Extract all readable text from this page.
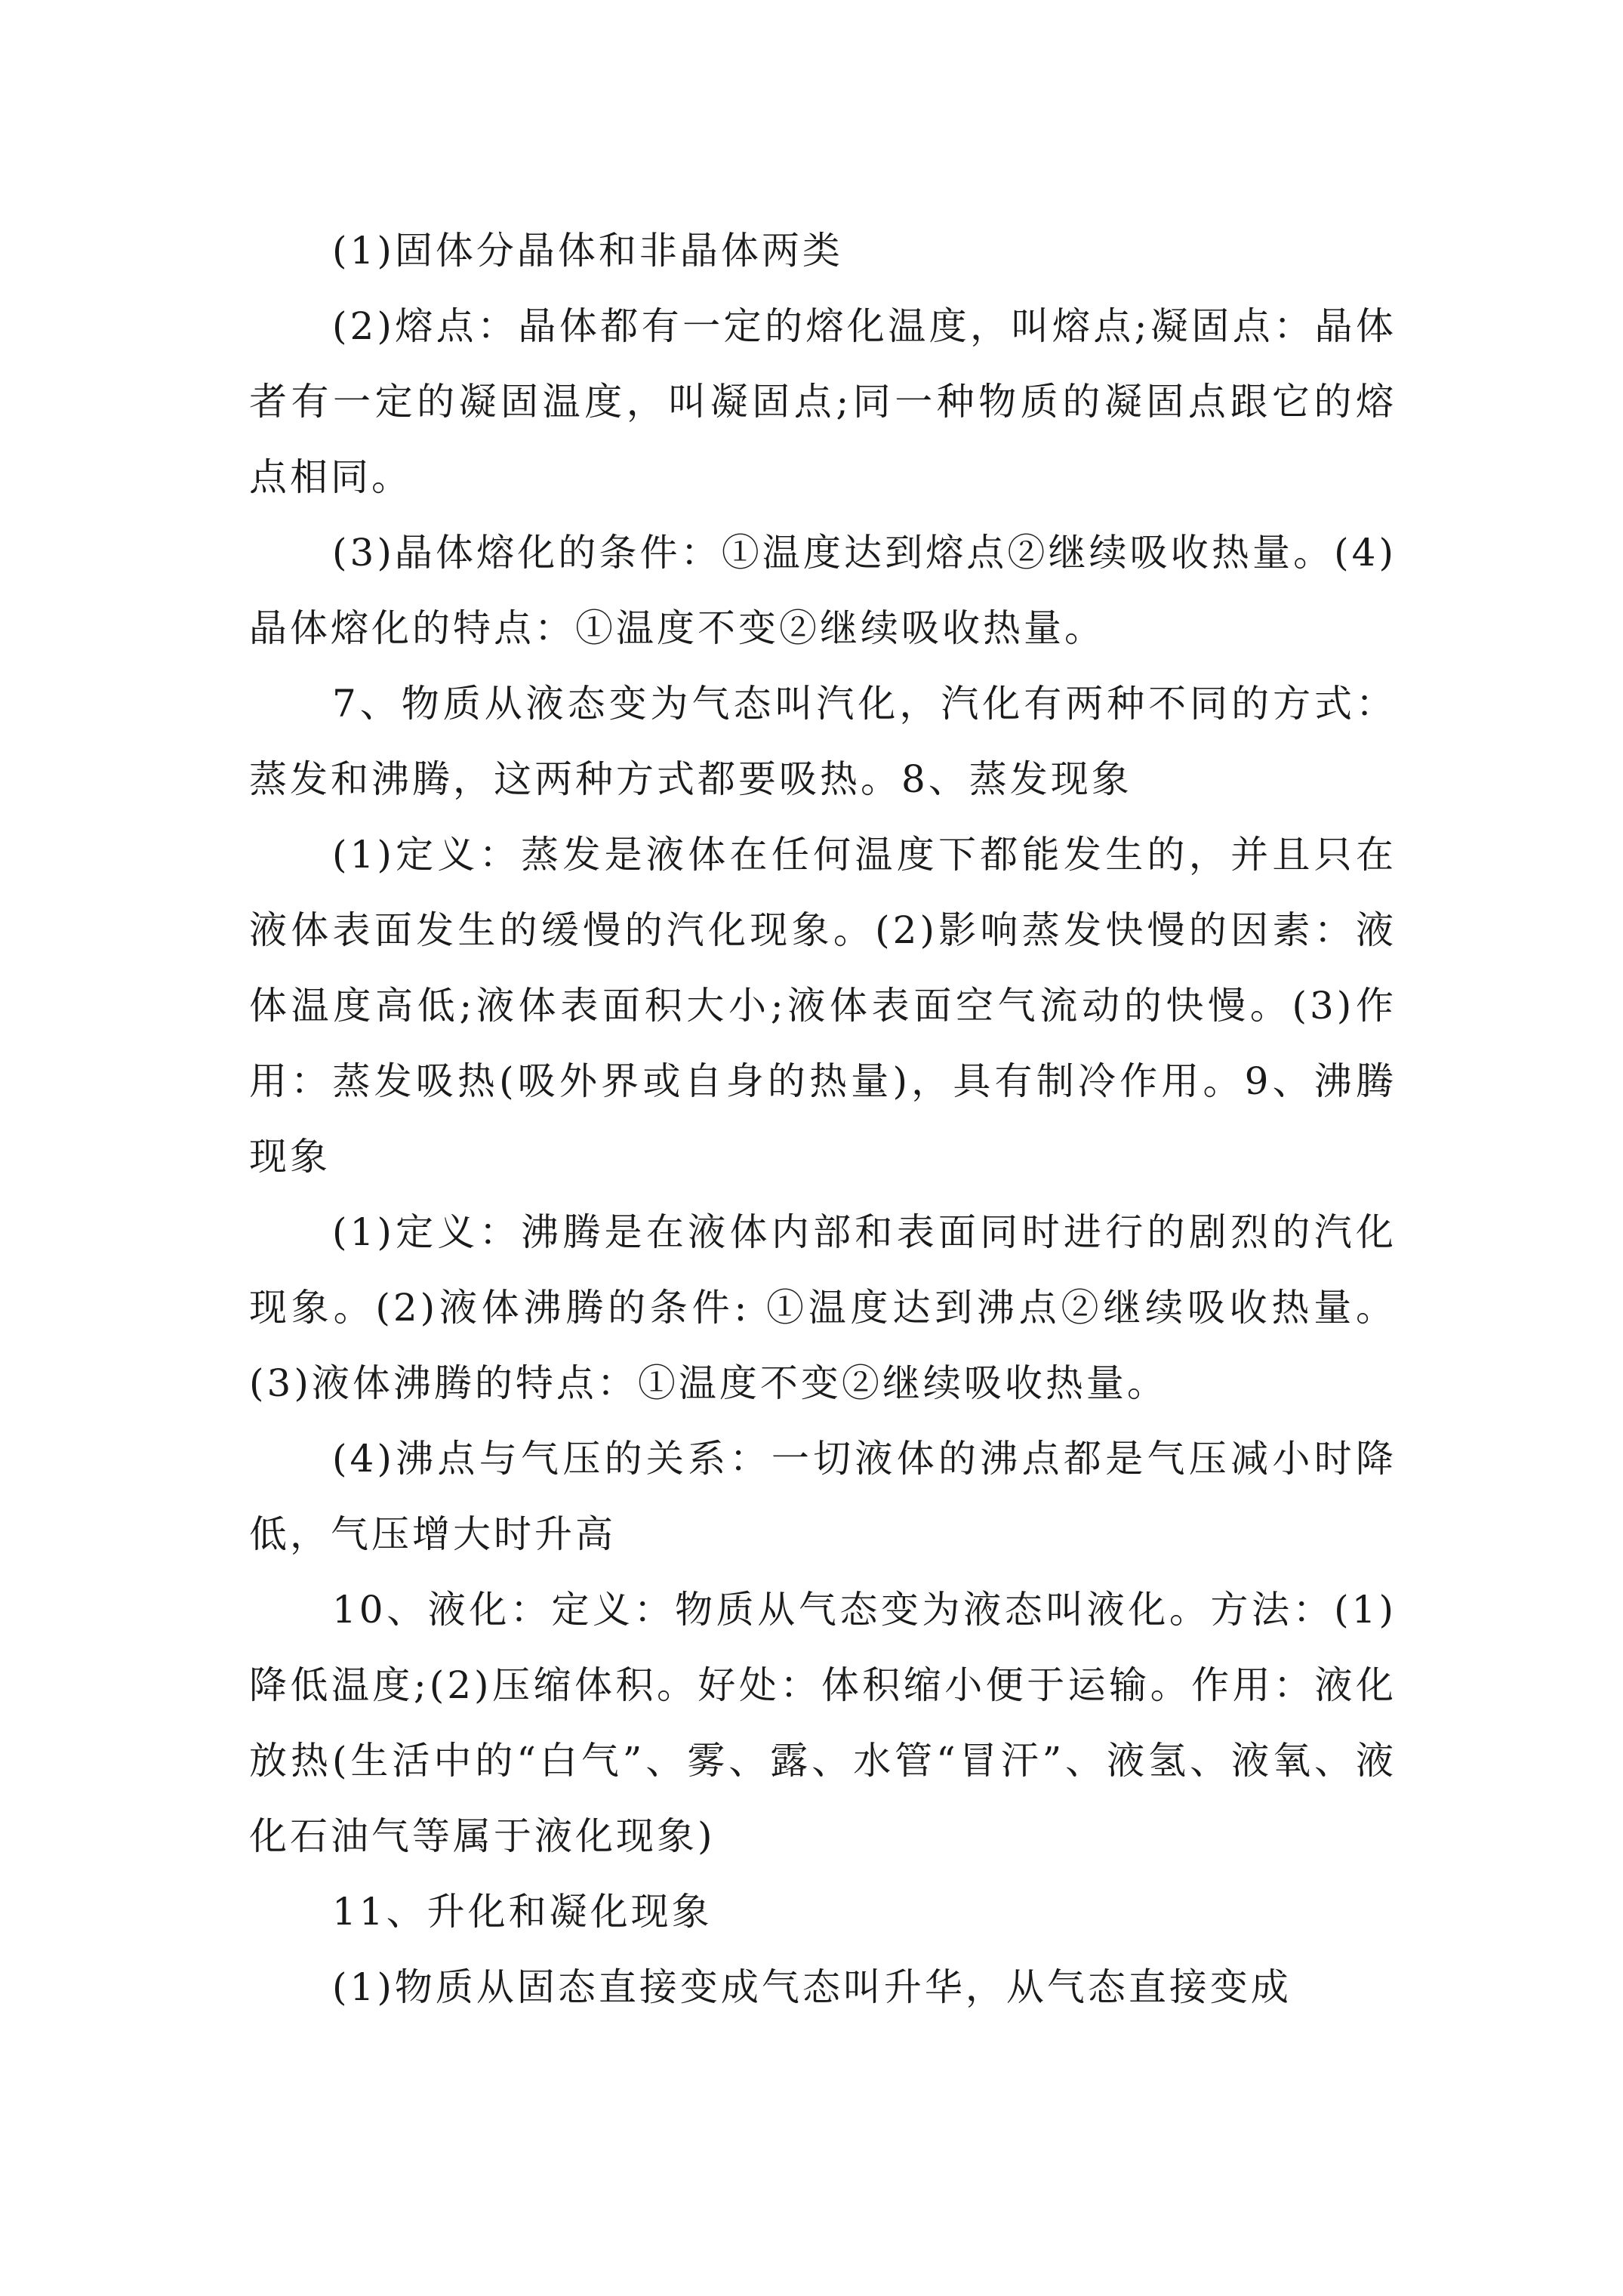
(1)固体分晶体和非晶体两类

(2)熔点：晶体都有一定的熔化温度，叫熔点;凝固点：晶体者有一定的凝固温度，叫凝固点;同一种物质的凝固点跟它的熔点相同。

(3)晶体熔化的条件：①温度达到熔点②继续吸收热量。(4)晶体熔化的特点：①温度不变②继续吸收热量。

7、物质从液态变为气态叫汽化，汽化有两种不同的方式：蒸发和沸腾，这两种方式都要吸热。8、蒸发现象

(1)定义：蒸发是液体在任何温度下都能发生的，并且只在液体表面发生的缓慢的汽化现象。(2)影响蒸发快慢的因素：液体温度高低;液体表面积大小;液体表面空气流动的快慢。(3)作用：蒸发吸热(吸外界或自身的热量)，具有制冷作用。9、沸腾现象

(1)定义：沸腾是在液体内部和表面同时进行的剧烈的汽化现象。(2)液体沸腾的条件: ①温度达到沸点②继续吸收热量。(3)液体沸腾的特点：①温度不变②继续吸收热量。

(4)沸点与气压的关系：一切液体的沸点都是气压减小时降低，气压增大时升高

10、液化：定义：物质从气态变为液态叫液化。方法：(1)降低温度;(2)压缩体积。好处：体积缩小便于运输。作用：液化放热(生活中的“白气”、雾、露、水管“冒汗”、液氢、液氧、液化石油气等属于液化现象)

11、升化和凝化现象

(1)物质从固态直接变成气态叫升华，从气态直接变成
